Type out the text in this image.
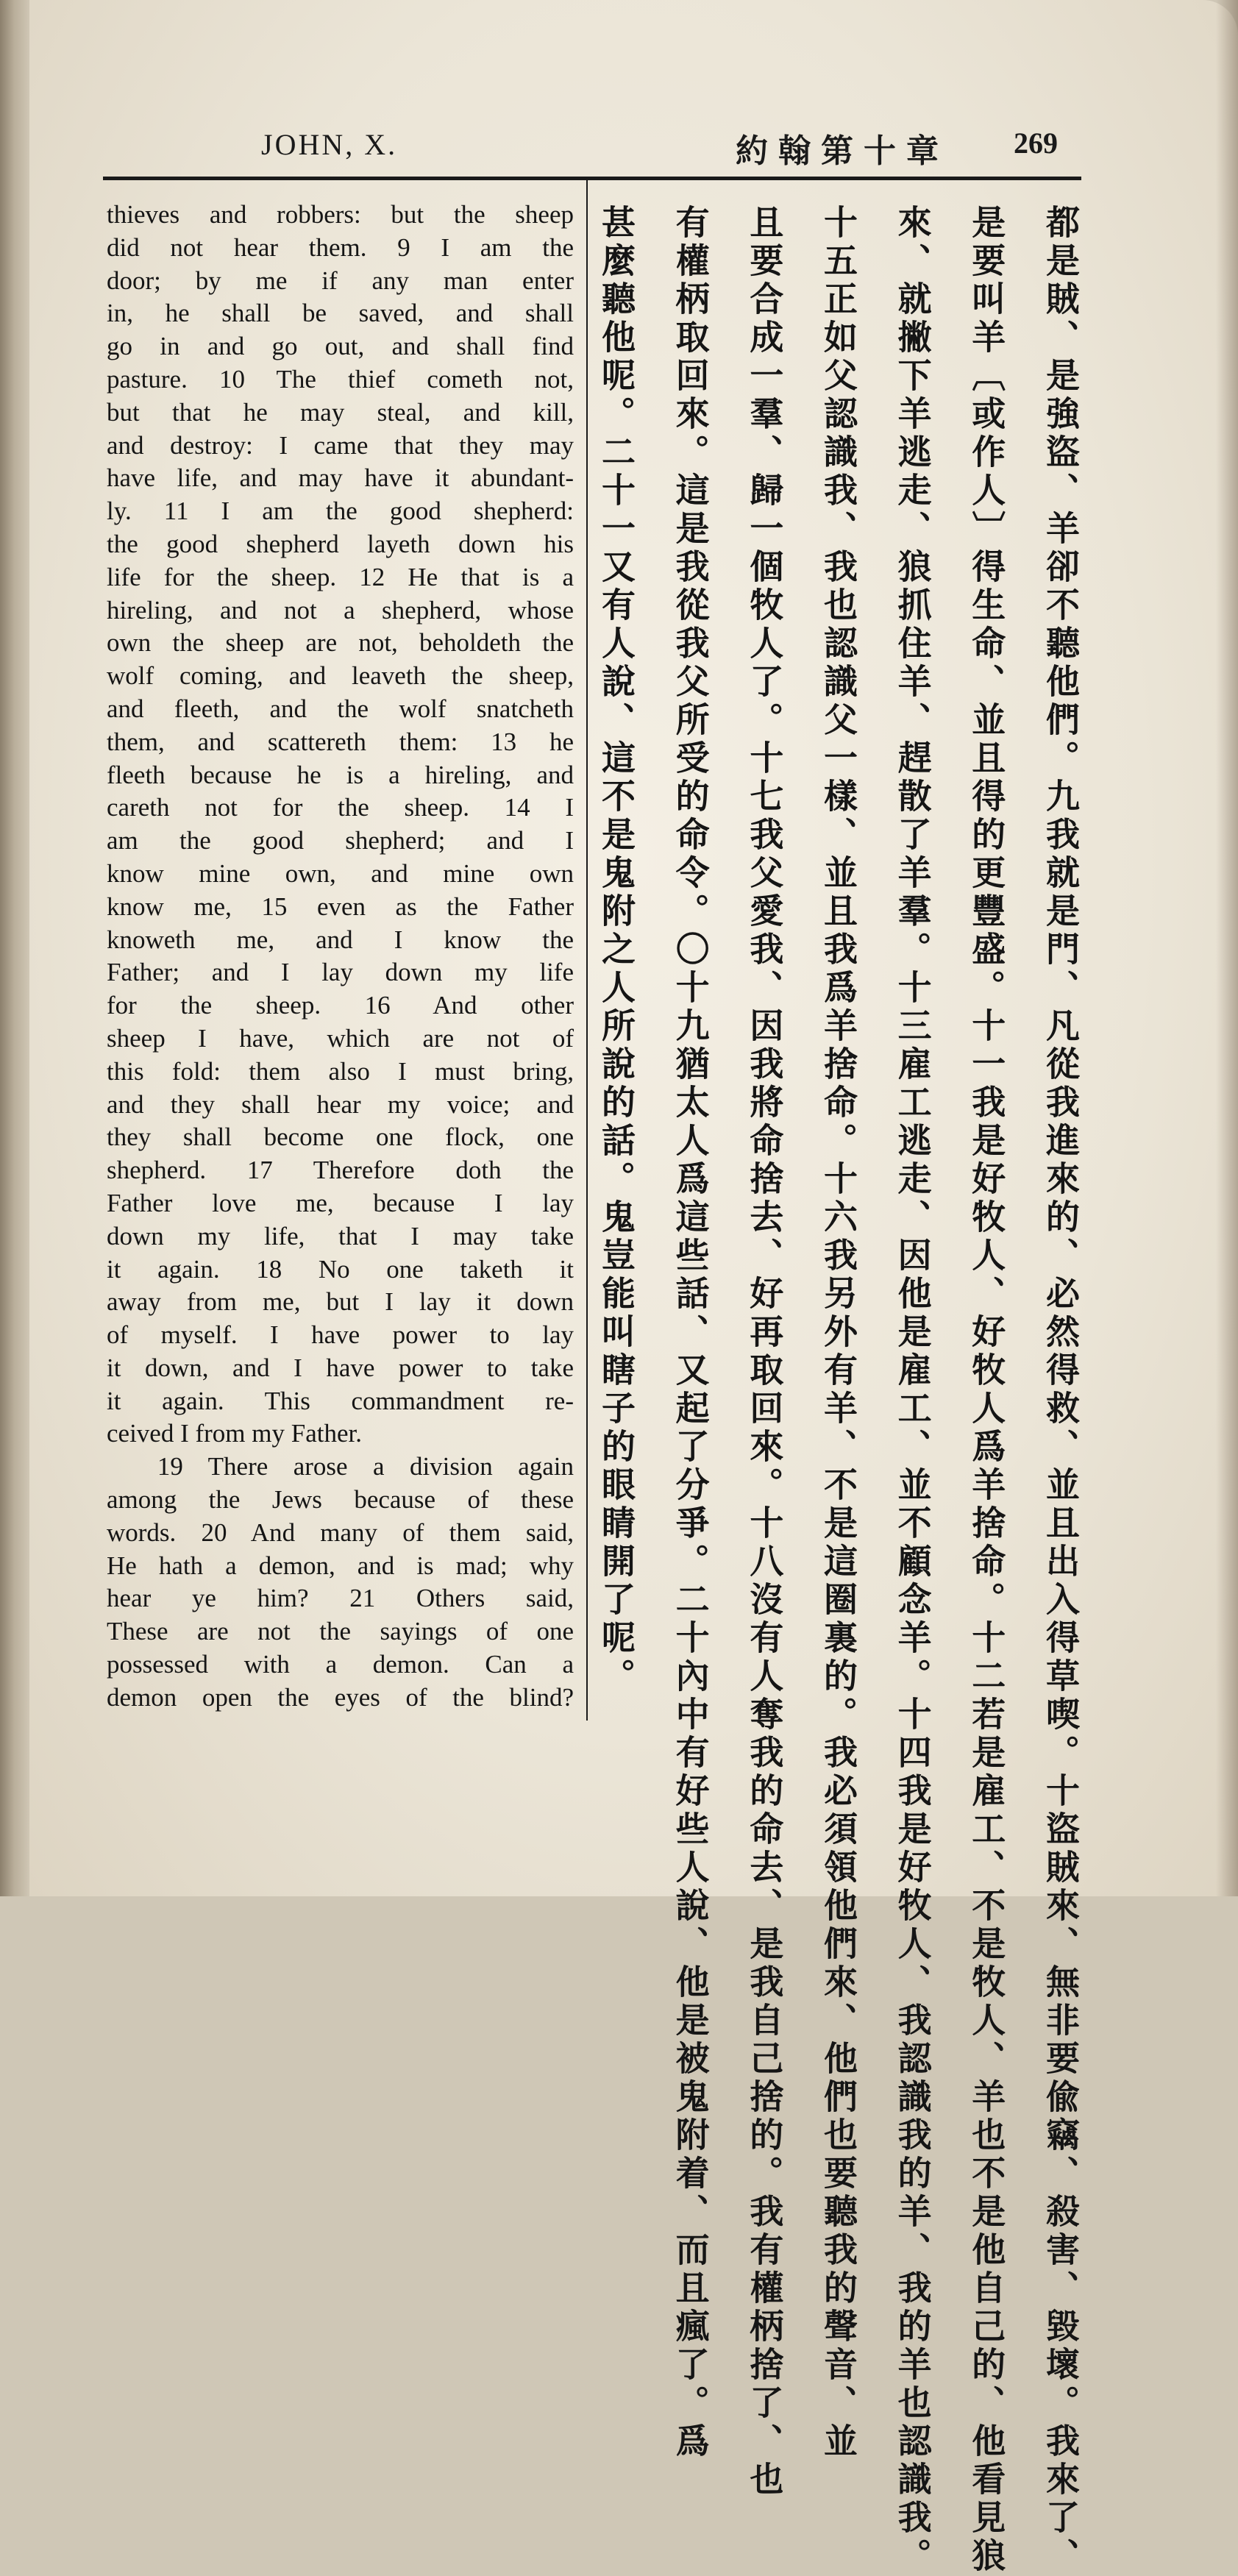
JOHN, X.	約翰第十章 269

thieves and robbers: but the sheep

did not hear them. 9 I am the

door; by me if any man enter

in, he shall be saved, and shall

go in and go out, and shall find

pasture. 10 The thief cometh not,

but that he may steal, and kill,

and destroy: I came that they may

have life, and may have it abundant-

ly. 11 I am the good shepherd:

the good shepherd layeth down his

life for the sheep. 12 He that is a

hireling, and not a shepherd, whose

own the sheep are not, beholdeth the

wolf coming, and leaveth the sheep,

and fleeth, and the wolf snatcheth

them, and scattereth them: 13 he

fleeth because he is a hireling, and

careth not for the sheep. 14 I

am the good shepherd; and I

know mine own, and mine own

know me, 15 even as the Father

knoweth me, and I know the

Father; and I lay down my life

for the sheep. 16 And other

sheep I have, which are not of

this fold: them also I must bring,

and they shall hear my voice; and

they shall become one flock, one

shepherd. 17 Therefore doth the

Father love me, because I lay

down my life, that I may take

it again. 18 No one taketh it

away from me, but I lay it down

of myself. I have power to lay

it down, and I have power to take

it again. This commandment re-

ceived I from my Father.

19 There arose a division again

among the Jews because of these

words. 20 And many of them said,

He hath a demon, and is mad; why

hear ye him? 21 Others said,

These are not the sayings of one

possessed with a demon. Can a

demon open the eyes of the blind?	都是賊、是強盜、羊卻不聽他們。九我就是門、凡從我進來的、必然得救、並且出入得草喫。十盜賊來、無非要偸竊、殺害、毀壞。我來了、
是要叫羊〔或作人〕得生命、並且得的更豐盛。十一我是好牧人、好牧人爲羊捨命。十二若是雇工、不是牧人、羊也不是他自己的、他看見狼
來、就撇下羊逃走、狼抓住羊、趕散了羊羣。十三雇工逃走、因他是雇工、並不顧念羊。十四我是好牧人、我認識我的羊、我的羊也認識我。
十五正如父認識我、我也認識父一樣、並且我爲羊捨命。十六我另外有羊、不是這圈裏的。我必須領他們來、他們也要聽我的聲音、並
且要合成一羣、歸一個牧人了。十七我父愛我、因我將命捨去、好再取回來。十八沒有人奪我的命去、是我自己捨的。我有權柄捨了、也
有權柄取回來。這是我從我父所受的命令。〇十九猶太人爲這些話、又起了分爭。二十內中有好些人說、他是被鬼附着、而且瘋了。爲
甚麼聽他呢。二十一又有人說、這不是鬼附之人所說的話。鬼豈能叫瞎子的眼睛開了呢。
